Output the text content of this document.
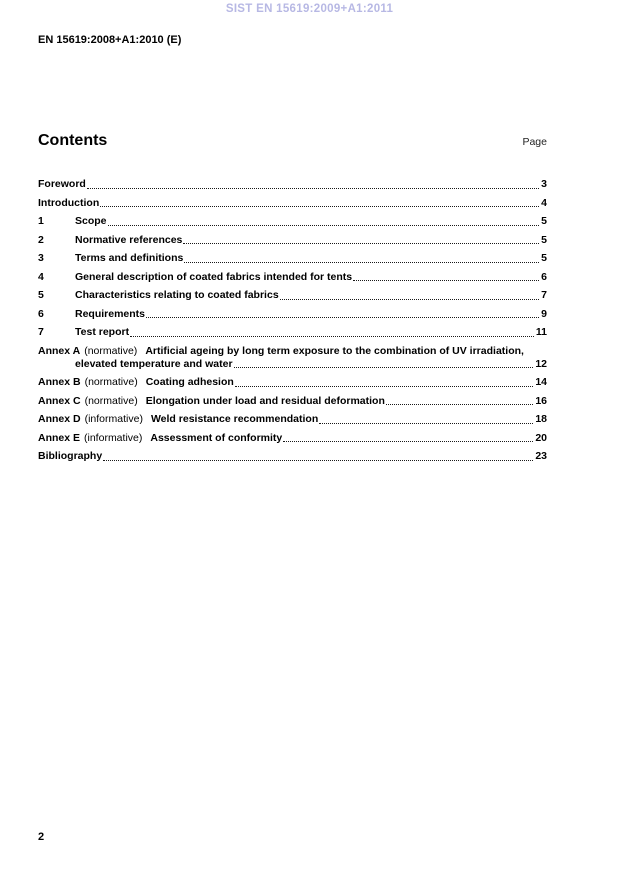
SIST EN 15619:2009+A1:2011
EN 15619:2008+A1:2010 (E)
Contents	Page
Foreword	3
Introduction	4
1	Scope	5
2	Normative references	5
3	Terms and definitions	5
4	General description of coated fabrics intended for tents	6
5	Characteristics relating to coated fabrics	7
6	Requirements	9
7	Test report	11
Annex A (normative) Artificial ageing by long term exposure to the combination of UV irradiation,
elevated temperature and water	12
Annex B (normative) Coating adhesion	14
Annex C (normative) Elongation under load and residual deformation	16
Annex D (informative) Weld resistance recommendation	18
Annex E (informative) Assessment of conformity	20
Bibliography	23
2
